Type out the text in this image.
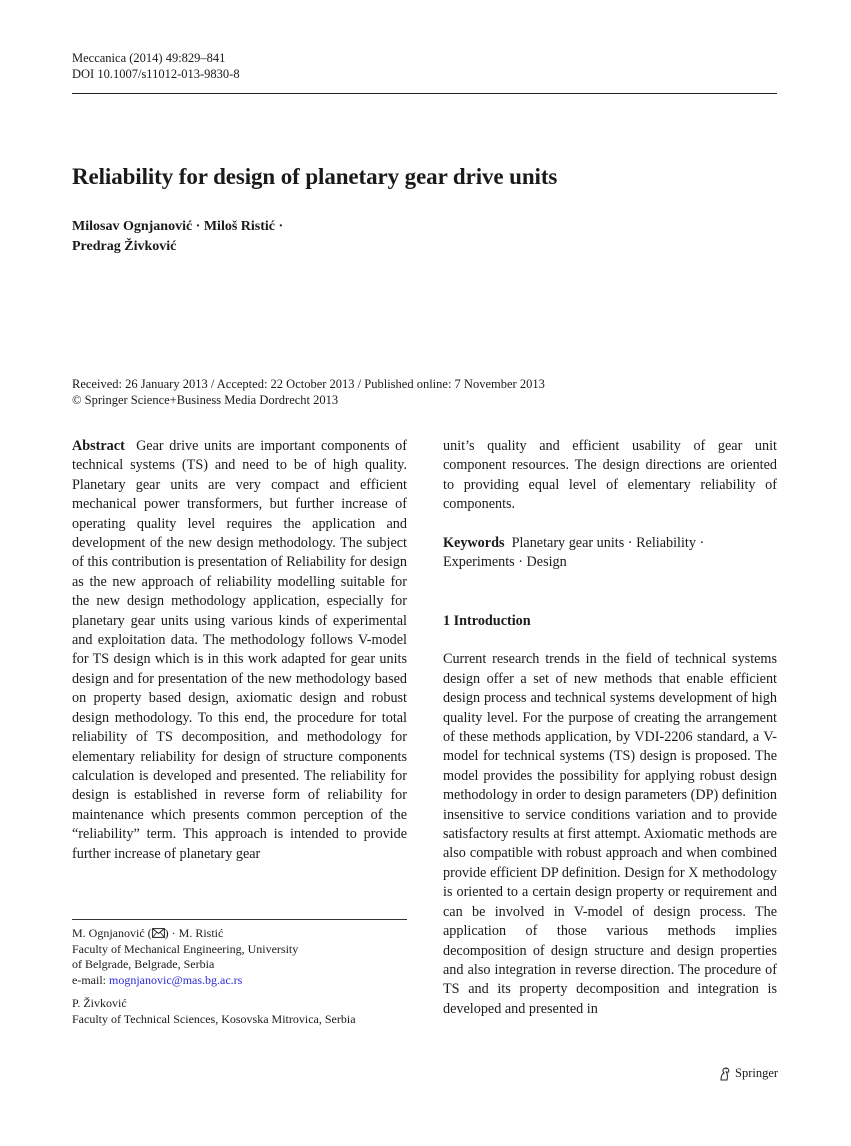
Meccanica (2014) 49:829–841
DOI 10.1007/s11012-013-9830-8
Reliability for design of planetary gear drive units
Milosav Ognjanović · Miloš Ristić ·
Predrag Živković
Received: 26 January 2013 / Accepted: 22 October 2013 / Published online: 7 November 2013
© Springer Science+Business Media Dordrecht 2013

Abstract Gear drive units are important components of technical systems (TS) and need to be of high quality. Planetary gear units are very compact and efficient mechanical power transformers, but further increase of operating quality level requires the application and development of the new design methodology. The subject of this contribution is presentation of Reliability for design as the new approach of reliability modelling suitable for the new design methodology application, especially for planetary gear units using various kinds of experimental and exploitation data. The methodology follows V-model for TS design which is in this work adapted for gear units design and for presentation of the new methodology based on property based design, axiomatic design and robust design methodology. To this end, the procedure for total reliability of TS decomposition, and methodology for elementary reliability for design of structure components calculation is developed and presented. The reliability for design is established in reverse form of reliability for maintenance which presents common perception of the “reliability” term. This approach is intended to provide further increase of planetary gear

unit’s quality and efficient usability of gear unit component resources. The design directions are oriented to providing equal level of elementary reliability of components.

Keywords Planetary gear units · Reliability · Experiments · Design

1 Introduction

Current research trends in the field of technical systems design offer a set of new methods that enable efficient design process and technical systems development of high quality level. For the purpose of creating the arrangement of these methods application, by VDI-2206 standard, a V-model for technical systems (TS) design is proposed. The model provides the possibility for applying robust design methodology in order to design parameters (DP) definition insensitive to service conditions variation and to provide satisfactory results at first attempt. Axiomatic methods are also compatible with robust approach and when combined provide efficient DP definition. Design for X methodology is oriented to a certain design property or requirement and can be involved in V-model of design process. The application of those various methods implies decomposition of design structure and design properties and also integration in reverse direction. The procedure of TS and its property decomposition and integration is developed and presented in

M. Ognjanović ( ) · M. Ristić

Faculty of Mechanical Engineering, University

of Belgrade, Belgrade, Serbia

e-mail: mognjanovic@mas.bg.ac.rs

P. Živković

Faculty of Technical Sciences, Kosovska Mitrovica, Serbia

Springer
